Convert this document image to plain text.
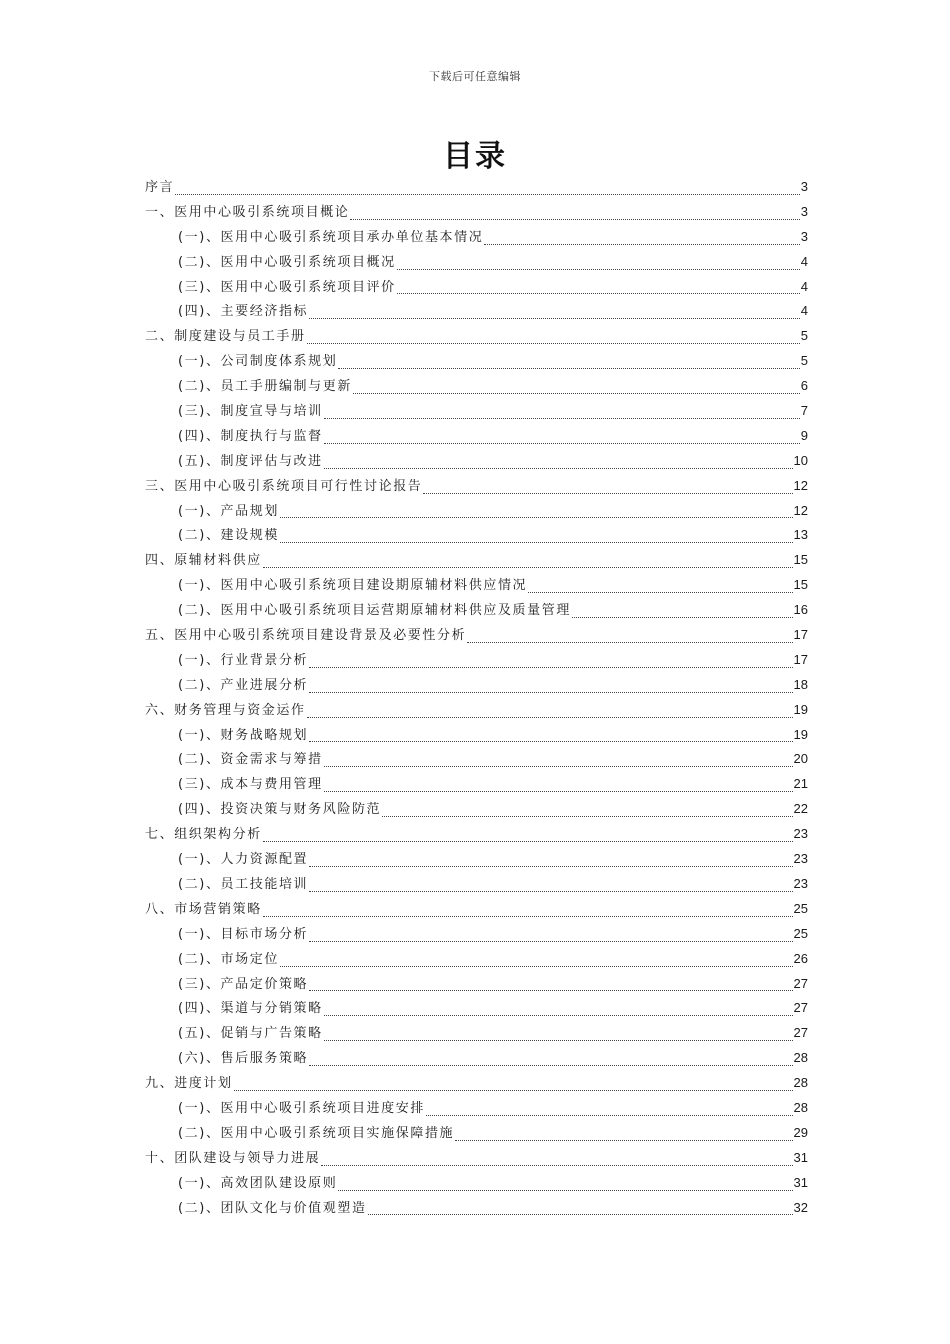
下载后可任意编辑
目录
序言	3
一、医用中心吸引系统项目概论	3
(一)、医用中心吸引系统项目承办单位基本情况	3
(二)、医用中心吸引系统项目概况	4
(三)、医用中心吸引系统项目评价	4
(四)、主要经济指标	4
二、制度建设与员工手册	5
(一)、公司制度体系规划	5
(二)、员工手册编制与更新	6
(三)、制度宣导与培训	7
(四)、制度执行与监督	9
(五)、制度评估与改进	10
三、医用中心吸引系统项目可行性讨论报告	12
(一)、产品规划	12
(二)、建设规模	13
四、原辅材料供应	15
(一)、医用中心吸引系统项目建设期原辅材料供应情况	15
(二)、医用中心吸引系统项目运营期原辅材料供应及质量管理	16
五、医用中心吸引系统项目建设背景及必要性分析	17
(一)、行业背景分析	17
(二)、产业进展分析	18
六、财务管理与资金运作	19
(一)、财务战略规划	19
(二)、资金需求与筹措	20
(三)、成本与费用管理	21
(四)、投资决策与财务风险防范	22
七、组织架构分析	23
(一)、人力资源配置	23
(二)、员工技能培训	23
八、市场营销策略	25
(一)、目标市场分析	25
(二)、市场定位	26
(三)、产品定价策略	27
(四)、渠道与分销策略	27
(五)、促销与广告策略	27
(六)、售后服务策略	28
九、进度计划	28
(一)、医用中心吸引系统项目进度安排	28
(二)、医用中心吸引系统项目实施保障措施	29
十、团队建设与领导力进展	31
(一)、高效团队建设原则	31
(二)、团队文化与价值观塑造	32
